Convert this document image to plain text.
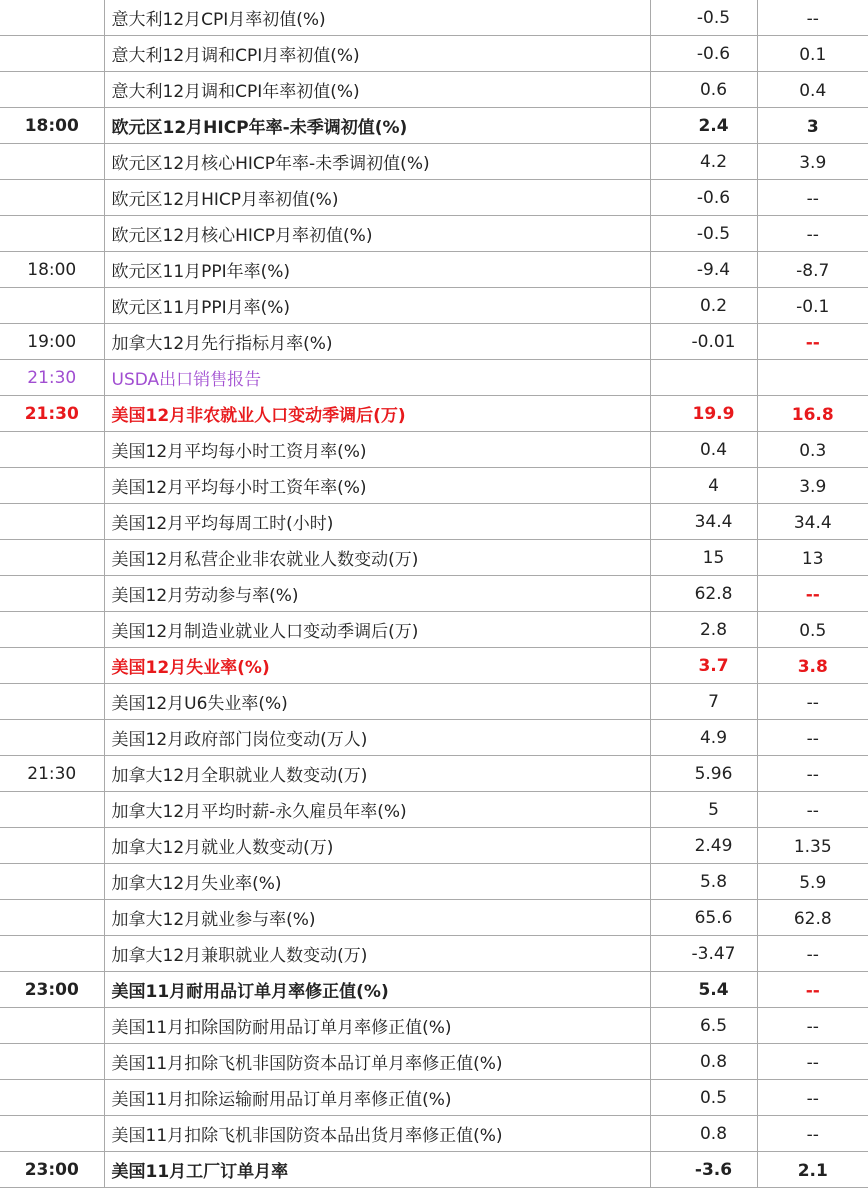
	意大利12月CPI月率初值(%)	-0.5	--
	意大利12月调和CPI月率初值(%)	-0.6	0.1
	意大利12月调和CPI年率初值(%)	0.6	0.4
18:00	欧元区12月HICP年率-未季调初值(%)	2.4	3
	欧元区12月核心HICP年率-未季调初值(%)	4.2	3.9
	欧元区12月HICP月率初值(%)	-0.6	--
	欧元区12月核心HICP月率初值(%)	-0.5	--
18:00	欧元区11月PPI年率(%)	-9.4	-8.7
	欧元区11月PPI月率(%)	0.2	-0.1
19:00	加拿大12月先行指标月率(%)	-0.01	--
21:30	USDA出口销售报告		
21:30	美国12月非农就业人口变动季调后(万)	19.9	16.8
	美国12月平均每小时工资月率(%)	0.4	0.3
	美国12月平均每小时工资年率(%)	4	3.9
	美国12月平均每周工时(小时)	34.4	34.4
	美国12月私营企业非农就业人数变动(万)	15	13
	美国12月劳动参与率(%)	62.8	--
	美国12月制造业就业人口变动季调后(万)	2.8	0.5
	美国12月失业率(%)	3.7	3.8
	美国12月U6失业率(%)	7	--
	美国12月政府部门岗位变动(万人)	4.9	--
21:30	加拿大12月全职就业人数变动(万)	5.96	--
	加拿大12月平均时薪-永久雇员年率(%)	5	--
	加拿大12月就业人数变动(万)	2.49	1.35
	加拿大12月失业率(%)	5.8	5.9
	加拿大12月就业参与率(%)	65.6	62.8
	加拿大12月兼职就业人数变动(万)	-3.47	--
23:00	美国11月耐用品订单月率修正值(%)	5.4	--
	美国11月扣除国防耐用品订单月率修正值(%)	6.5	--
	美国11月扣除飞机非国防资本品订单月率修正值(%)	0.8	--
	美国11月扣除运输耐用品订单月率修正值(%)	0.5	--
	美国11月扣除飞机非国防资本品出货月率修正值(%)	0.8	--
23:00	美国11月工厂订单月率	-3.6	2.1
